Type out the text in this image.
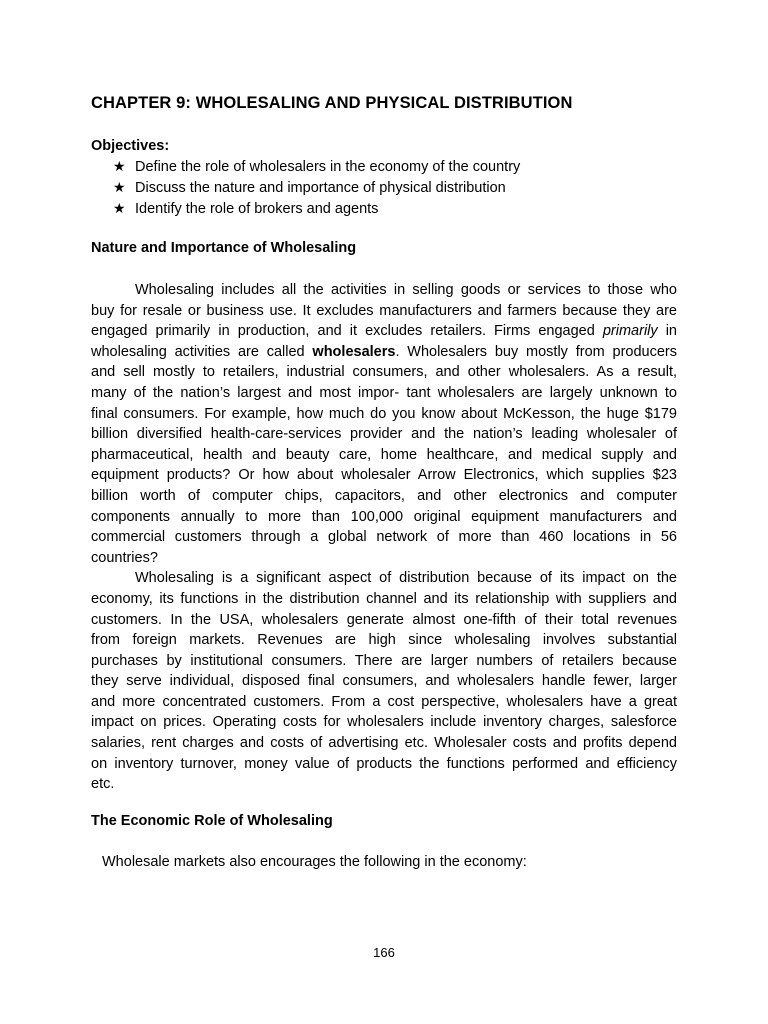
CHAPTER 9: WHOLESALING AND PHYSICAL DISTRIBUTION

Objectives:

★ Define the role of wholesalers in the economy of the country
★ Discuss the nature and importance of physical distribution
★ Identify the role of brokers and agents
Nature and Importance of Wholesaling
Wholesaling includes all the activities in selling goods or services to those who
buy for resale or business use. It excludes manufacturers and farmers because they are
engaged primarily in production, and it excludes retailers. Firms engaged primarily in
wholesaling activities are called wholesalers. Wholesalers buy mostly from producers
and sell mostly to retailers, industrial consumers, and other wholesalers. As a result,
many of the nation’s largest and most impor- tant wholesalers are largely unknown to
final consumers. For example, how much do you know about McKesson, the huge $179
billion diversified health-care-services provider and the nation’s leading wholesaler of
pharmaceutical, health and beauty care, home healthcare, and medical supply and
equipment products? Or how about wholesaler Arrow Electronics, which supplies $23
billion worth of computer chips, capacitors, and other electronics and computer
components annually to more than 100,000 original equipment manufacturers and
commercial customers through a global network of more than 460 locations in 56
countries?
Wholesaling is a significant aspect of distribution because of its impact on the
economy, its functions in the distribution channel and its relationship with suppliers and
customers. In the USA, wholesalers generate almost one-fifth of their total revenues
from foreign markets. Revenues are high since wholesaling involves substantial
purchases by institutional consumers. There are larger numbers of retailers because
they serve individual, disposed final consumers, and wholesalers handle fewer, larger
and more concentrated customers. From a cost perspective, wholesalers have a great
impact on prices. Operating costs for wholesalers include inventory charges, salesforce
salaries, rent charges and costs of advertising etc. Wholesaler costs and profits depend
on inventory turnover, money value of products the functions performed and efficiency
etc.
The Economic Role of Wholesaling

Wholesale markets also encourages the following in the economy:

166
